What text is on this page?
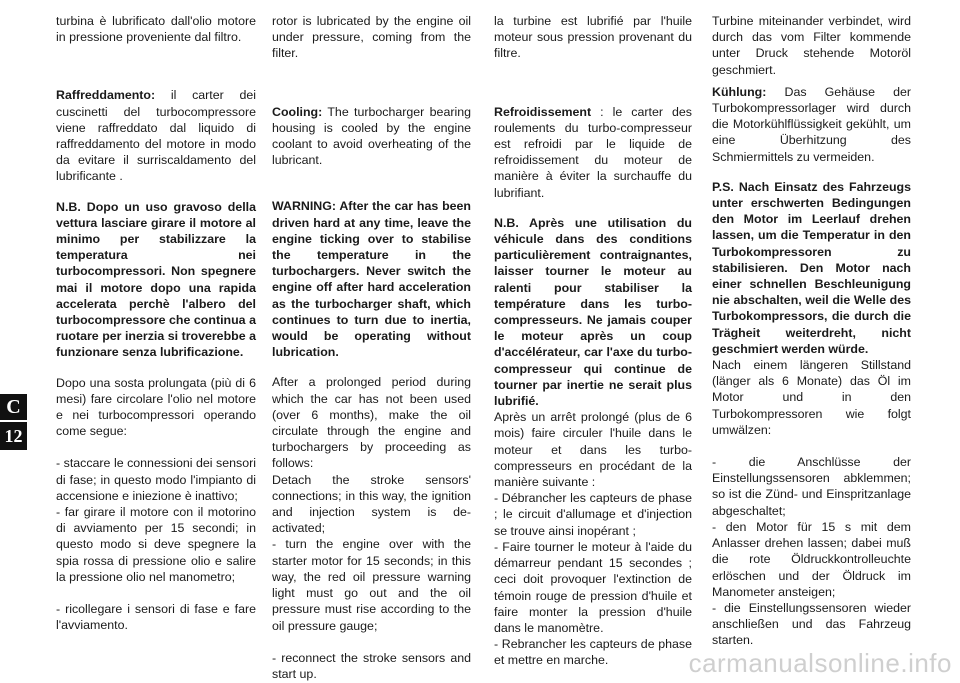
C
12

turbina è lubrificato dall'olio motore in pressione proveniente dal filtro.

Raffreddamento: il carter dei cuscinetti del turbocompressore viene raffreddato dal liquido di raffreddamento del motore in modo da evitare il surriscaldamento del lubrificante .

N.B. Dopo un uso gravoso della vettura lasciare girare il motore al minimo per stabilizzare la temperatura nei turbocompressori. Non spegnere mai il motore dopo una rapida accelerata perchè l'albero del turbocompressore che continua a ruotare per inerzia si troverebbe a funzionare senza lubrificazione.

Dopo una sosta prolungata (più di 6 mesi) fare circolare l'olio nel motore e nei turbocompressori operando come segue:

- staccare le connessioni dei sensori di fase; in questo modo l'impianto di accensione e iniezione è inattivo;

- far girare il motore con il motorino di avviamento per 15 secondi; in questo modo si deve spegnere la spia rossa di pressione olio e salire la pressione olio nel manometro;

- ricollegare i sensori di fase e fare l'avviamento.

rotor is lubricated by the engine oil under pressure, coming from the filter.

Cooling: The turbocharger bearing housing is cooled by the engine coolant to avoid overheating of the lubricant.

WARNING: After the car has been driven hard at any time, leave the engine ticking over to stabilise the temperature in the turbochargers. Never switch the engine off after hard acceleration as the turbocharger shaft, which continues to turn due to inertia, would be operating without lubrication.

After a prolonged period during which the car has not been used (over 6 months), make the oil circulate through the engine and turbochargers by proceeding as follows:

Detach the stroke sensors' connections; in this way, the ignition and injection system is de-activated;

- turn the engine over with the starter motor for 15 seconds; in this way, the red oil pressure warning light must go out and the oil pressure must rise according to the oil pressure gauge;

- reconnect the stroke sensors and start up.

la turbine est lubrifié par l'huile moteur sous pression provenant du filtre.

Refroidissement : le carter des roulements du turbo-compresseur est refroidi par le liquide de refroidissement du moteur de manière à éviter la surchauffe du lubrifiant.

N.B. Après une utilisation du véhicule dans des conditions particulièrement contraignantes, laisser tourner le moteur au ralenti pour stabiliser la température dans les turbo-compresseurs. Ne jamais couper le moteur après un coup d'accélérateur, car l'axe du turbo-compresseur qui continue de tourner par inertie ne serait plus lubrifié.

Après un arrêt prolongé (plus de 6 mois) faire circuler l'huile dans le moteur et dans les turbo-compresseurs en procédant de la manière suivante :

- Débrancher les capteurs de phase ; le circuit d'allumage et d'injection se trouve ainsi inopérant ;

- Faire tourner le moteur à l'aide du démarreur pendant 15 secondes ; ceci doit provoquer l'extinction de témoin rouge de pression d'huile et faire monter la pression d'huile dans le manomètre.

- Rebrancher les capteurs de phase et mettre en marche.

Turbine miteinander verbindet, wird durch das vom Filter kommende unter Druck stehende Motoröl geschmiert.

Kühlung: Das Gehäuse der Turbokompressorlager wird durch die Motorkühlflüssigkeit gekühlt, um eine Überhitzung des Schmiermittels zu vermeiden.

P.S. Nach Einsatz des Fahrzeugs unter erschwerten Bedingungen den Motor im Leerlauf drehen lassen, um die Temperatur in den Turbokompressoren zu stabilisieren. Den Motor nach einer schnellen Beschleunigung nie abschalten, weil die Welle des Turbokompressors, die durch die Trägheit weiterdreht, nicht geschmiert werden würde.

Nach einem längeren Stillstand (länger als 6 Monate) das Öl im Motor und in den Turbokompressoren wie folgt umwälzen:

- die Anschlüsse der Einstellungssensoren abklemmen; so ist die Zünd- und Einspritzanlage abgeschaltet;

- den Motor für 15 s mit dem Anlasser drehen lassen; dabei muß die rote Öldruckkontrolleuchte erlöschen und der Öldruck im Manometer ansteigen;

- die Einstellungssensoren wieder anschließen und das Fahrzeug starten.

carmanualsonline.info
